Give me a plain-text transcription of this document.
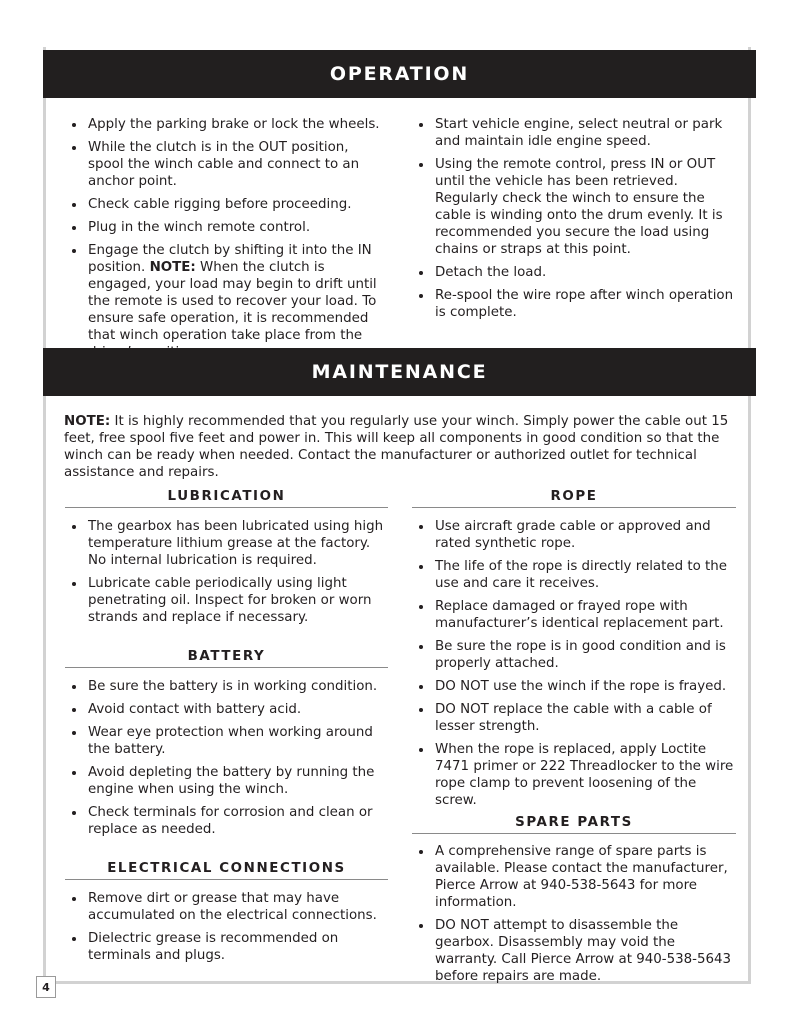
OPERATION
Apply the parking brake or lock the wheels.
While the clutch is in the OUT position, spool the winch cable and connect to an anchor point.
Check cable rigging before proceeding.
Plug in the winch remote control.
Engage the clutch by shifting it into the IN position. NOTE: When the clutch is engaged, your load may begin to drift until the remote is used to recover your load. To ensure safe operation, it is recommended that winch operation take place from the
Start vehicle engine, select neutral or park and maintain idle engine speed.
Using the remote control, press IN or OUT until the vehicle has been retrieved. Regularly check the winch to ensure the cable is winding onto the drum evenly. It is recommended you secure the load using chains or straps at this point.
Detach the load.
Re-spool the wire rope after winch operation is complete.
MAINTENANCE
NOTE: It is highly recommended that you regularly use your winch. Simply power the cable out 15 feet, free spool five feet and power in. This will keep all components in good condition so that the winch can be ready when needed. Contact the manufacturer or authorized outlet for technical assistance and repairs.
LUBRICATION
The gearbox has been lubricated using high temperature lithium grease at the factory. No internal lubrication is required.
Lubricate cable periodically using light penetrating oil. Inspect for broken or worn strands and replace if necessary.
BATTERY
Be sure the battery is in working condition.
Avoid contact with battery acid.
Wear eye protection when working around the battery.
Avoid depleting the battery by running the engine when using the winch.
Check terminals for corrosion and clean or replace as needed.
ELECTRICAL CONNECTIONS
Remove dirt or grease that may have accumulated on the electrical connections.
Dielectric grease is recommended on terminals and plugs.
ROPE
Use aircraft grade cable or approved and rated synthetic rope.
The life of the rope is directly related to the use and care it receives.
Replace damaged or frayed rope with manufacturer’s identical replacement part.
Be sure the rope is in good condition and is properly attached.
DO NOT use the winch if the rope is frayed.
DO NOT replace the cable with a cable of lesser strength.
When the rope is replaced, apply Loctite 7471 primer or 222 Threadlocker to the wire rope clamp to prevent loosening of the screw.
SPARE PARTS
A comprehensive range of spare parts is available. Please contact the manufacturer, Pierce Arrow at 940-538-5643 for more information.
DO NOT attempt to disassemble the gearbox. Disassembly may void the warranty. Call Pierce Arrow at 940-538-5643 before repairs are made.
4
